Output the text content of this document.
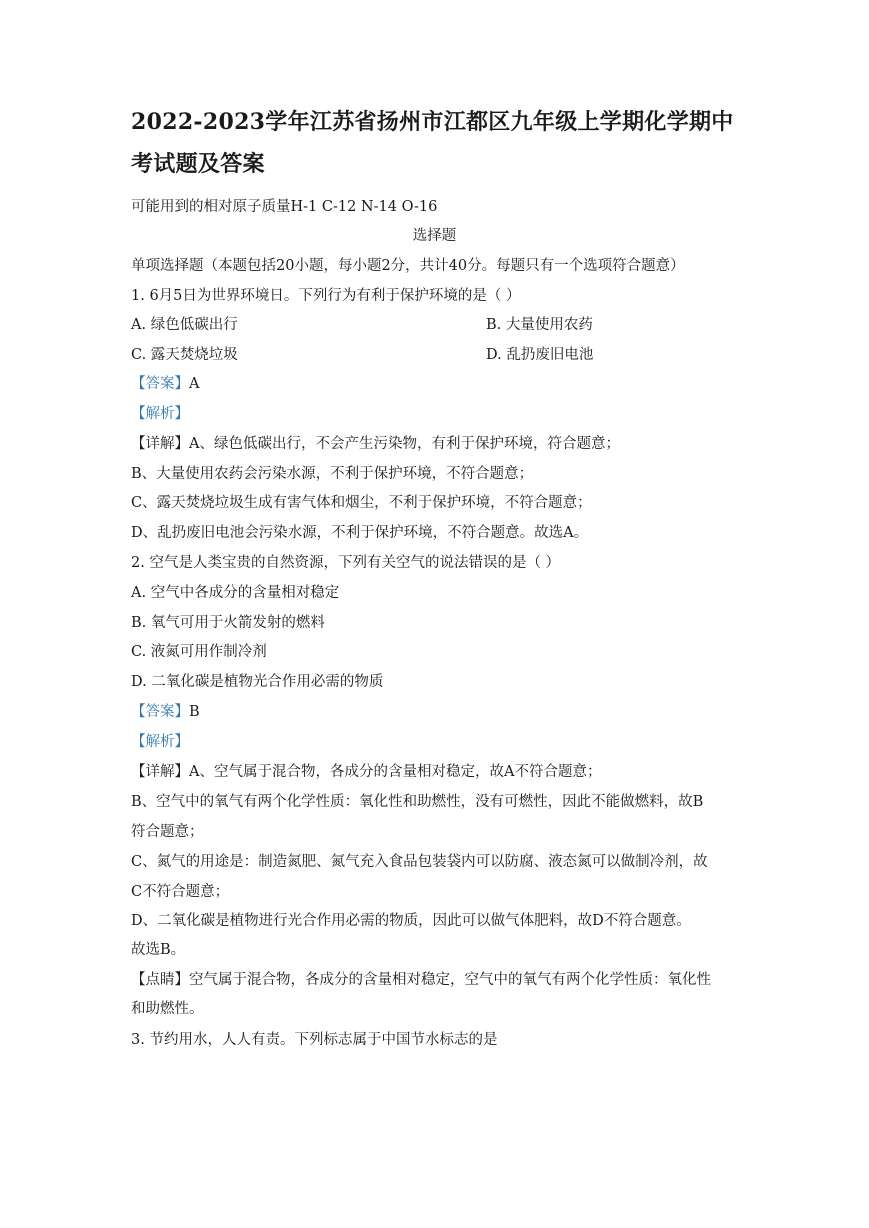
2022-2023学年江苏省扬州市江都区九年级上学期化学期中
考试题及答案
可能用到的相对原子质量H-1 C-12 N-14 O-16
选择题
单项选择题（本题包括20小题，每小题2分，共计40分。每题只有一个选项符合题意）
1. 6月5日为世界环境日。下列行为有利于保护环境的是（ ）
A. 绿色低碳出行	B. 大量使用农药
C. 露天焚烧垃圾	D. 乱扔废旧电池
【答案】A
【解析】
【详解】A、绿色低碳出行，不会产生污染物，有利于保护环境，符合题意；
B、大量使用农药会污染水源，不利于保护环境，不符合题意；
C、露天焚烧垃圾生成有害气体和烟尘，不利于保护环境，不符合题意；
D、乱扔废旧电池会污染水源，不利于保护环境，不符合题意。故选A。
2. 空气是人类宝贵的自然资源，下列有关空气的说法错误的是（ ）
A. 空气中各成分的含量相对稳定
B. 氧气可用于火箭发射的燃料
C. 液氮可用作制冷剂
D. 二氧化碳是植物光合作用必需的物质
【答案】B
【解析】
【详解】A、空气属于混合物，各成分的含量相对稳定，故A不符合题意；
B、空气中的氧气有两个化学性质：氧化性和助燃性，没有可燃性，因此不能做燃料，故B
符合题意；
C、氮气的用途是：制造氮肥、氮气充入食品包装袋内可以防腐、液态氮可以做制冷剂，故
C不符合题意；
D、二氧化碳是植物进行光合作用必需的物质，因此可以做气体肥料，故D不符合题意。
故选B。
【点睛】空气属于混合物，各成分的含量相对稳定，空气中的氧气有两个化学性质：氧化性
和助燃性。
3. 节约用水，人人有责。下列标志属于中国节水标志的是
